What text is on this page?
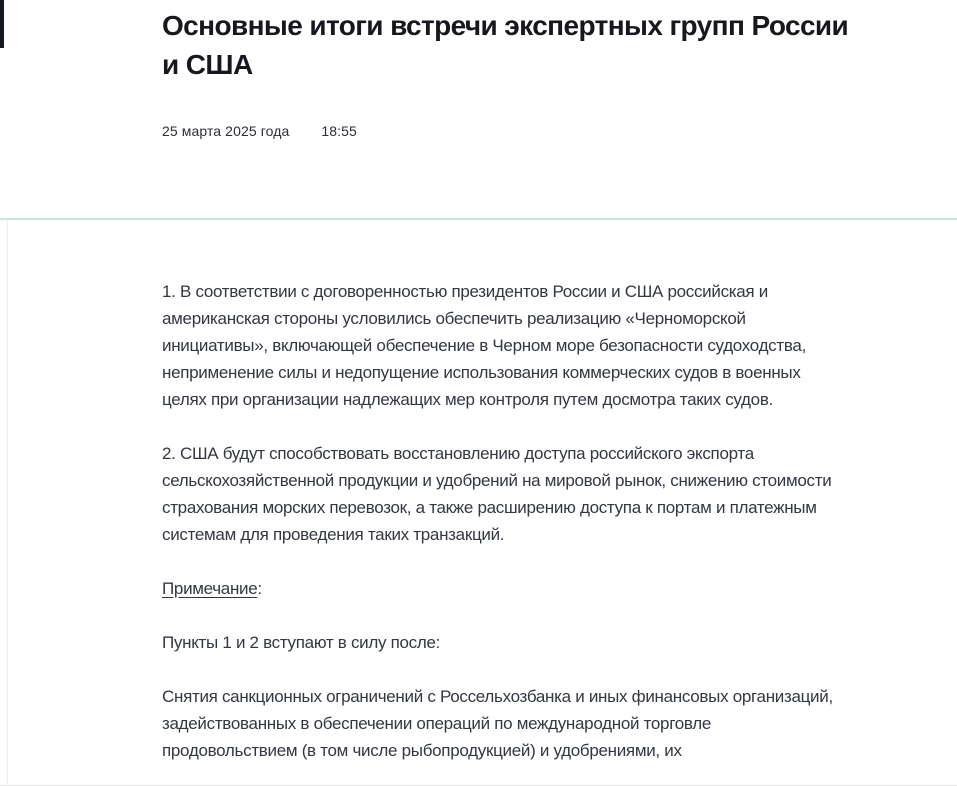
Основные итоги встречи экспертных групп России и США
25 марта 2025 года 18:55

1. В соответствии с договоренностью президентов России и США российская и американская стороны условились обеспечить реализацию «Черноморской инициативы», включающей обеспечение в Черном море безопасности судоходства, неприменение силы и недопущение использования коммерческих судов в военных целях при организации надлежащих мер контроля путем досмотра таких судов.

2. США будут способствовать восстановлению доступа российского экспорта сельскохозяйственной продукции и удобрений на мировой рынок, снижению стоимости страхования морских перевозок, а также расширению доступа к портам и платежным системам для проведения таких транзакций.

Примечание:

Пункты 1 и 2 вступают в силу после:

Снятия санкционных ограничений с Россельхозбанка и иных финансовых организаций, задействованных в обеспечении операций по международной торговле продовольствием (в том числе рыбопродукцией) и удобрениями, их
